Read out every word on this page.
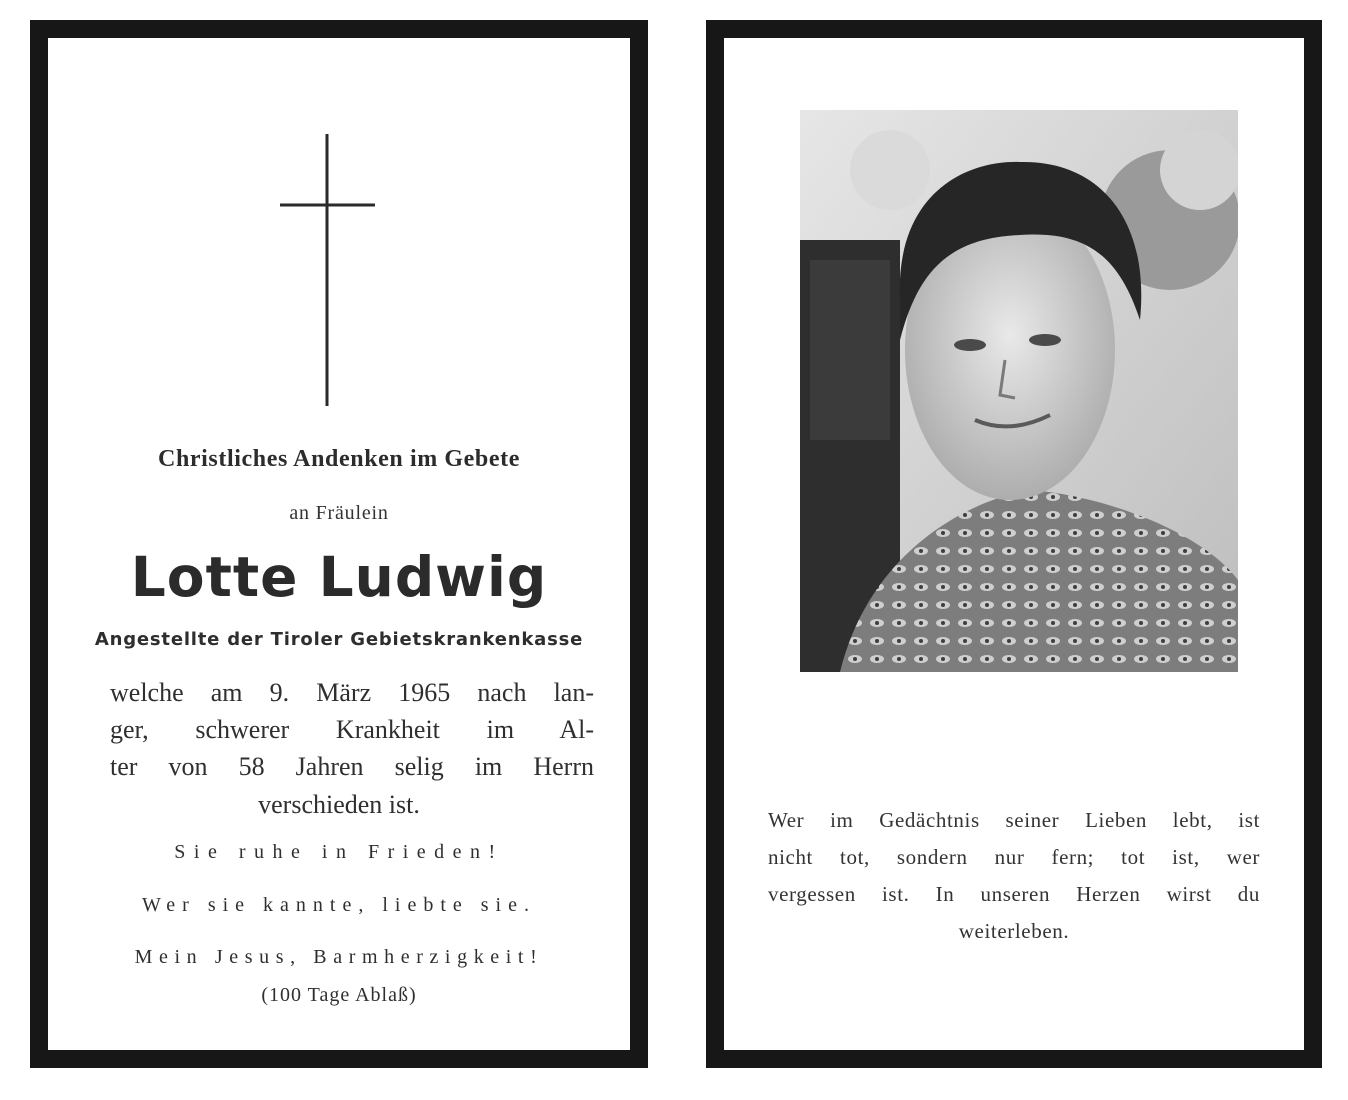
Christliches Andenken im Gebete
an Fräulein
Lotte Ludwig
Angestellte der Tiroler Gebietskrankenkasse
welche am 9. März 1965 nach lan-
ger, schwerer Krankheit im Al-
ter von 58 Jahren selig im Herrn
verschieden ist.
Sie ruhe in Frieden!
Wer sie kannte, liebte sie.
Mein Jesus, Barmherzigkeit!
(100 Tage Ablaß)
Wer im Gedächtnis seiner Lieben lebt, ist
nicht tot, sondern nur fern; tot ist, wer
vergessen ist. In unseren Herzen wirst du
weiterleben.
